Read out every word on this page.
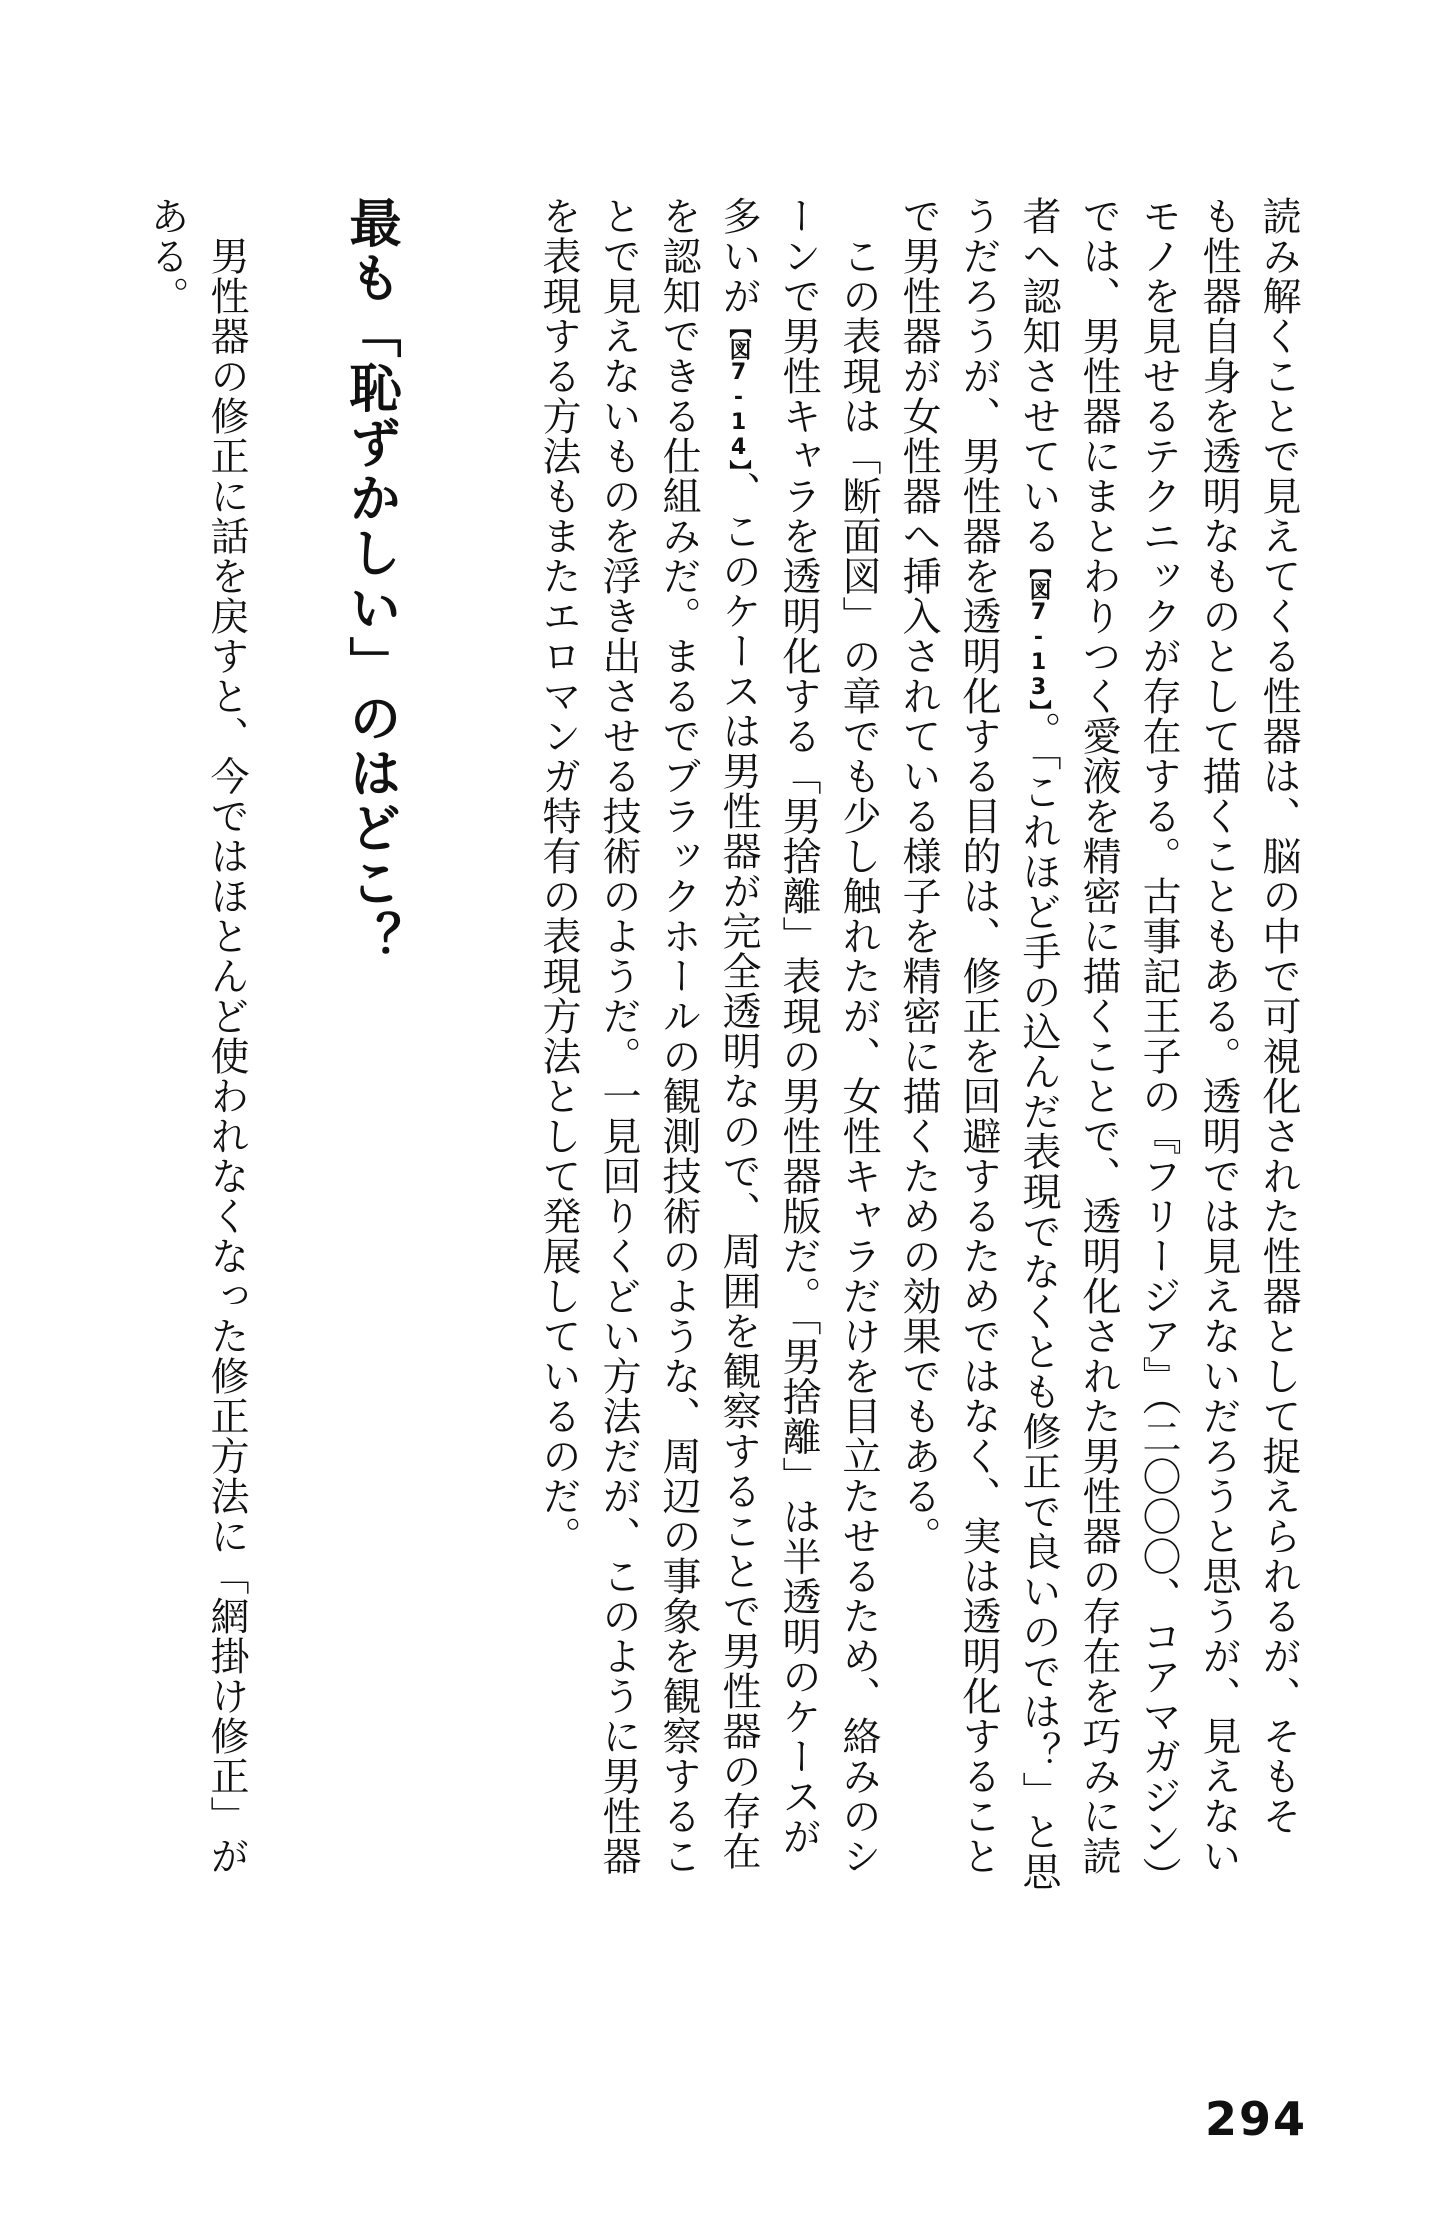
読み解くことで見えてくる性器は、脳の中で可視化された性器として捉えられるが、そもそ
も性器自身を透明なものとして描くこともある。透明では見えないだろうと思うが、見えない
モノを見せるテクニックが存在する。古事記王子の『フリージア』（二〇〇〇、コアマガジン）
では、男性器にまとわりつく愛液を精密に描くことで、透明化された男性器の存在を巧みに読
者へ認知させている【図7-13】。「これほど手の込んだ表現でなくとも修正で良いのでは？」と思
うだろうが、男性器を透明化する目的は、修正を回避するためではなく、実は透明化すること
で男性器が女性器へ挿入されている様子を精密に描くための効果でもある。
　この表現は「断面図」の章でも少し触れたが、女性キャラだけを目立たせるため、絡みのシ
ーンで男性キャラを透明化する「男捨離」表現の男性器版だ。「男捨離」は半透明のケースが
多いが【図7-14】、このケースは男性器が完全透明なので、周囲を観察することで男性器の存在
を認知できる仕組みだ。まるでブラックホールの観測技術のような、周辺の事象を観察するこ
とで見えないものを浮き出させる技術のようだ。一見回りくどい方法だが、このように男性器
を表現する方法もまたエロマンガ特有の表現方法として発展しているのだ。
最も「恥ずかしい」のはどこ？
　男性器の修正に話を戻すと、今ではほとんど使われなくなった修正方法に「網掛け修正」が
ある。
294
